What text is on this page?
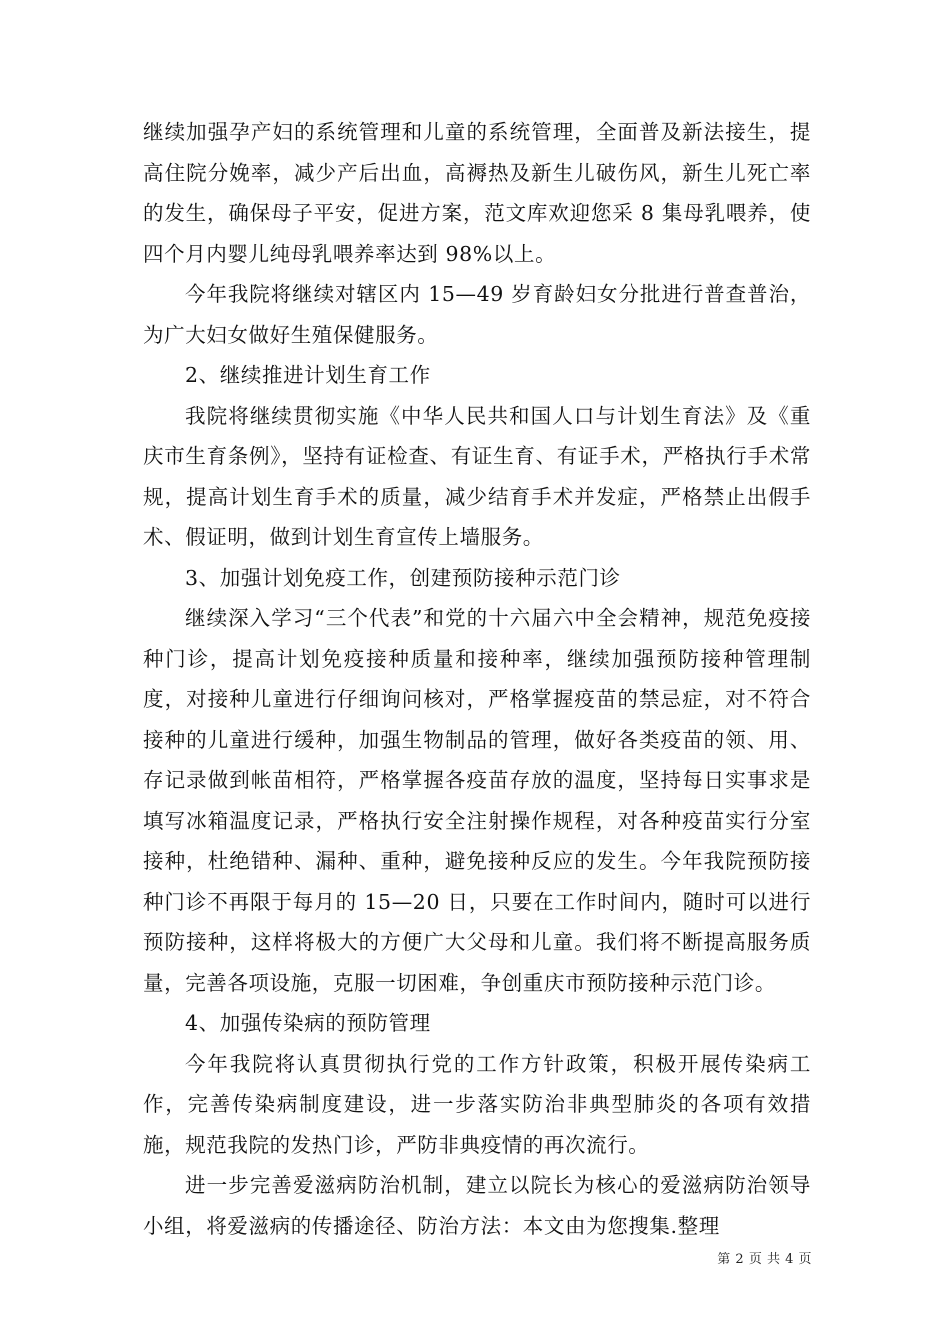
继续加强孕产妇的系统管理和儿童的系统管理，全面普及新法接生，提高住院分娩率，减少产后出血，高褥热及新生儿破伤风，新生儿死亡率的发生，确保母子平安，促进方案，范文库欢迎您采 8 集母乳喂养，使四个月内婴儿纯母乳喂养率达到 98%以上。

今年我院将继续对辖区内 15—49 岁育龄妇女分批进行普查普治，为广大妇女做好生殖保健服务。

2、继续推进计划生育工作

我院将继续贯彻实施《中华人民共和国人口与计划生育法》及《重庆市生育条例》，坚持有证检查、有证生育、有证手术，严格执行手术常规，提高计划生育手术的质量，减少结育手术并发症，严格禁止出假手术、假证明，做到计划生育宣传上墙服务。

3、加强计划免疫工作，创建预防接种示范门诊

继续深入学习“三个代表”和党的十六届六中全会精神，规范免疫接种门诊，提高计划免疫接种质量和接种率，继续加强预防接种管理制度，对接种儿童进行仔细询问核对，严格掌握疫苗的禁忌症，对不符合接种的儿童进行缓种，加强生物制品的管理，做好各类疫苗的领、用、存记录做到帐苗相符，严格掌握各疫苗存放的温度，坚持每日实事求是填写冰箱温度记录，严格执行安全注射操作规程，对各种疫苗实行分室接种，杜绝错种、漏种、重种，避免接种反应的发生。今年我院预防接种门诊不再限于每月的 15—20 日，只要在工作时间内，随时可以进行预防接种，这样将极大的方便广大父母和儿童。我们将不断提高服务质量，完善各项设施，克服一切困难，争创重庆市预防接种示范门诊。

4、加强传染病的预防管理

今年我院将认真贯彻执行党的工作方针政策，积极开展传染病工作，完善传染病制度建设，进一步落实防治非典型肺炎的各项有效措施，规范我院的发热门诊，严防非典疫情的再次流行。

进一步完善爱滋病防治机制，建立以院长为核心的爱滋病防治领导小组，将爱滋病的传播途径、防治方法：本文由为您搜集.整理

第 2 页 共 4 页
